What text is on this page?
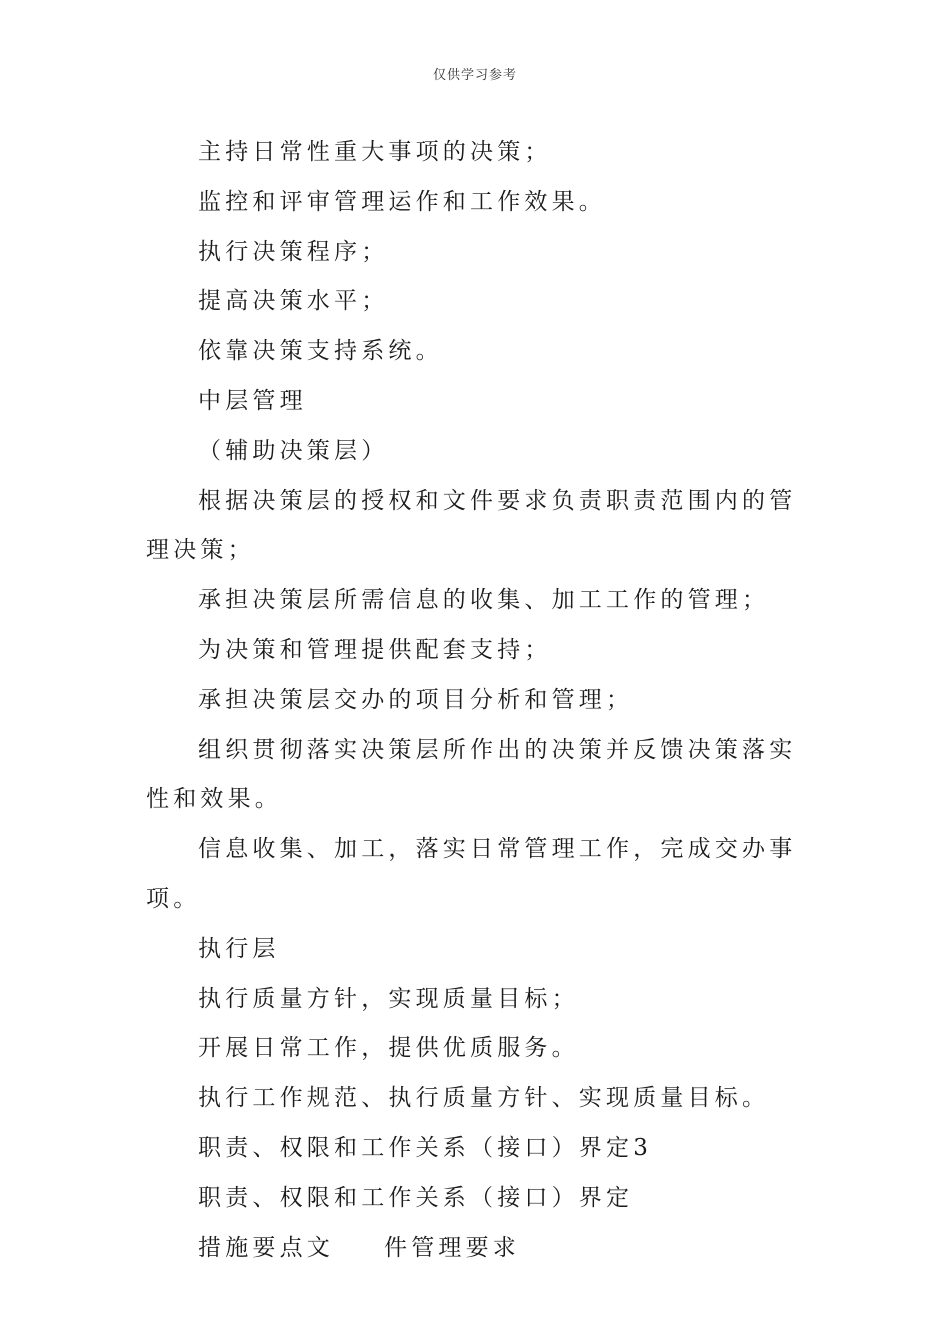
仅供学习参考

主持日常性重大事项的决策；

监控和评审管理运作和工作效果。

执行决策程序；

提高决策水平；

依靠决策支持系统。

中层管理

（辅助决策层）

根据决策层的授权和文件要求负责职责范围内的管理决策；

承担决策层所需信息的收集、加工工作的管理；

为决策和管理提供配套支持；

承担决策层交办的项目分析和管理；

组织贯彻落实决策层所作出的决策并反馈决策落实性和效果。

信息收集、加工，落实日常管理工作，完成交办事项。

执行层

执行质量方针，实现质量目标；

开展日常工作，提供优质服务。

执行工作规范、执行质量方针、实现质量目标。

职责、权限和工作关系（接口）界定3

职责、权限和工作关系（接口）界定

措施要点文 件管理要求
